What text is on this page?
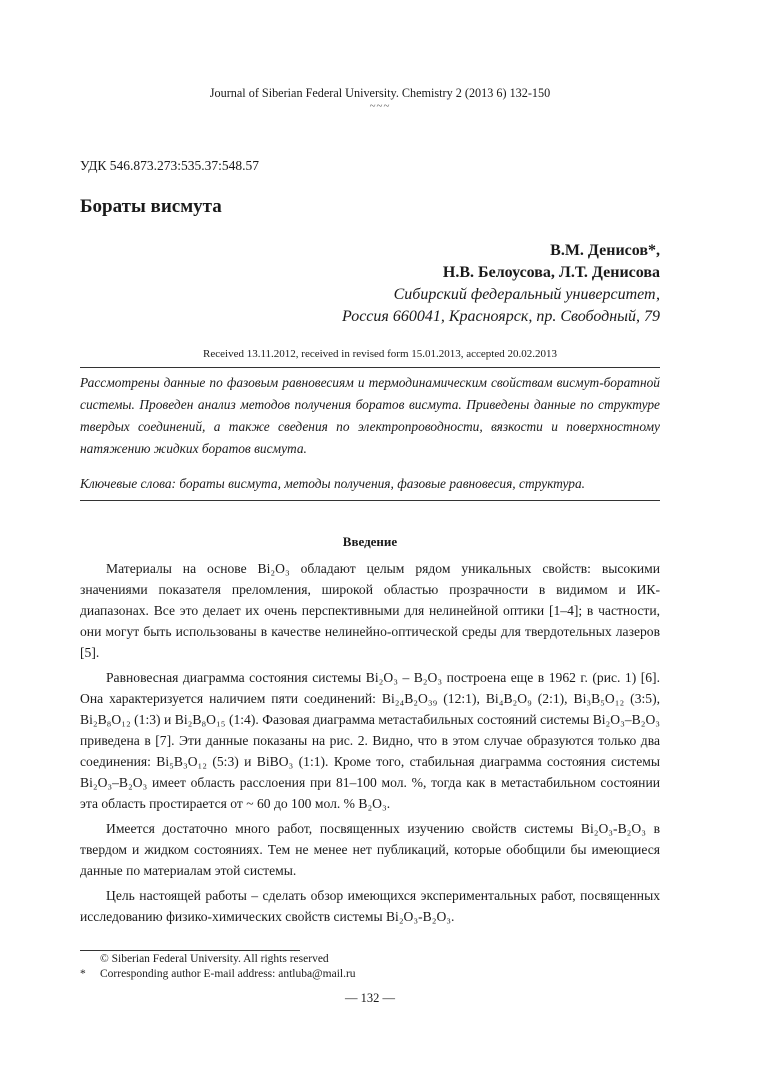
Journal of Siberian Federal University. Chemistry 2 (2013 6) 132-150
~~~
УДК 546.873.273:535.37:548.57
Бораты висмута
В.М. Денисов*,
Н.В. Белоусова, Л.Т. Денисова
Сибирский федеральный университет,
Россия 660041, Красноярск, пр. Свободный, 79
Received 13.11.2012, received in revised form 15.01.2013, accepted 20.02.2013
Рассмотрены данные по фазовым равновесиям и термодинамическим свойствам висмут-боратной системы. Проведен анализ методов получения боратов висмута. Приведены данные по структуре твердых соединений, а также сведения по электропроводности, вязкости и поверхностному натяжению жидких боратов висмута.
Ключевые слова: бораты висмута, методы получения, фазовые равновесия, структура.
Введение

Материалы на основе Bi₂O₃ обладают целым рядом уникальных свойств: высокими значениями показателя преломления, широкой областью прозрачности в видимом и ИК-диапазонах. Все это делает их очень перспективными для нелинейной оптики [1–4]; в частности, они могут быть использованы в качестве нелинейно-оптической среды для твердотельных лазеров [5].

Равновесная диаграмма состояния системы Bi₂O₃ – B₂O₃ построена еще в 1962 г. (рис. 1) [6]. Она характеризуется наличием пяти соединений: Bi₂₄B₂O₃₉ (12:1), Bi₄B₂O₉ (2:1), Bi₃B₅O₁₂ (3:5), Bi₂B₈O₁₂ (1:3) и Bi₂B₈O₁₅ (1:4). Фазовая диаграмма метастабильных состояний системы Bi₂O₃–B₂O₃ приведена в [7]. Эти данные показаны на рис. 2. Видно, что в этом случае образуются только два соединения: Bi₅B₃O₁₂ (5:3) и BiBO₃ (1:1). Кроме того, стабильная диаграмма состояния системы Bi₂O₃–B₂O₃ имеет область расслоения при 81–100 мол. %, тогда как в метастабильном состоянии эта область простирается от ~ 60 до 100 мол. % B₂O₃.

Имеется достаточно много работ, посвященных изучению свойств системы Bi₂O₃-B₂O₃ в твердом и жидком состояниях. Тем не менее нет публикаций, которые обобщили бы имеющиеся данные по материалам этой системы.

Цель настоящей работы – сделать обзор имеющихся экспериментальных работ, посвященных исследованию физико-химических свойств системы Bi₂O₃-B₂O₃.

© Siberian Federal University. All rights reserved
* Corresponding author E-mail address: antluba@mail.ru
— 132 —
